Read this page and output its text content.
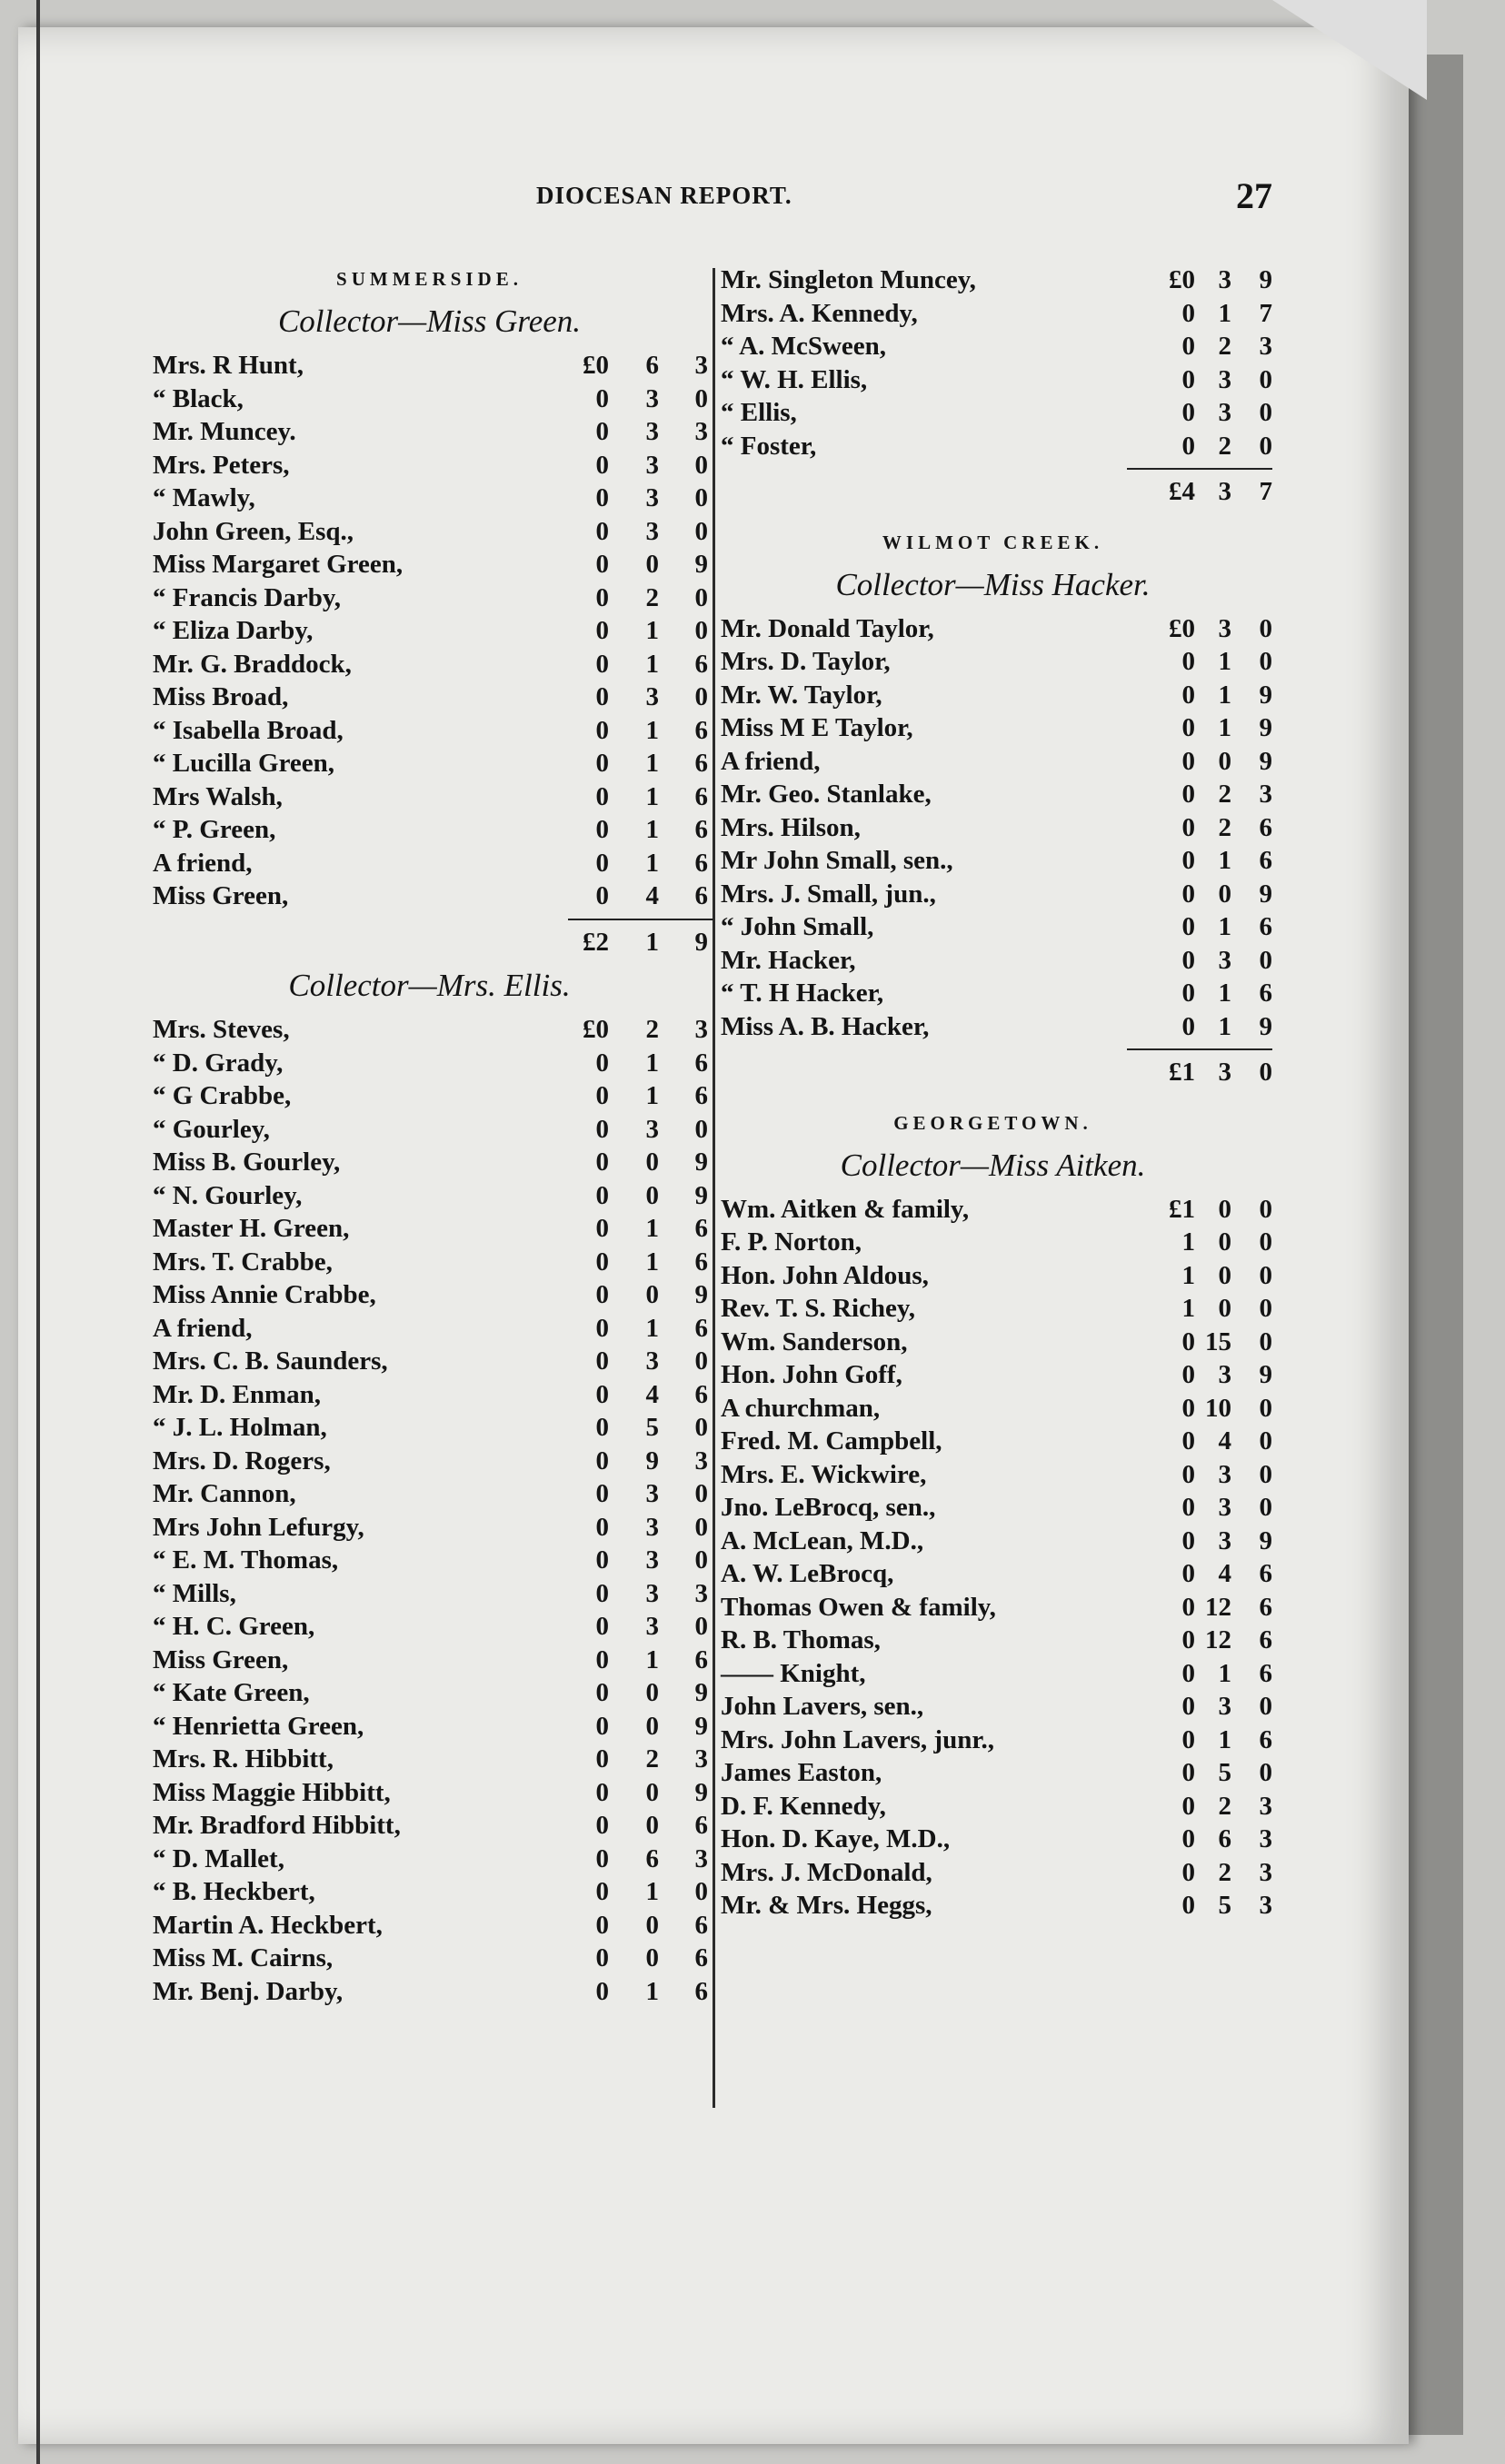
DIOCESAN REPORT.	27
SUMMERSIDE.
Collector—Miss Green.
Mrs. R Hunt,	£0 6 3
“ Black,	0 3 0
Mr. Muncey.	0 3 3
Mrs. Peters,	0 3 0
“ Mawly,	0 3 0
John Green, Esq.,	0 3 0
Miss Margaret Green,	0 0 9
“ Francis Darby,	0 2 0
“ Eliza Darby,	0 1 0
Mr. G. Braddock,	0 1 6
Miss Broad,	0 3 0
“ Isabella Broad,	0 1 6
“ Lucilla Green,	0 1 6
Mrs Walsh,	0 1 6
“ P. Green,	0 1 6
A friend,	0 1 6
Miss Green,	0 4 6
£2 1 9
Collector—Mrs. Ellis.
Mrs. Steves,	£0 2 3
“ D. Grady,	0 1 6
“ G Crabbe,	0 1 6
“ Gourley,	0 3 0
Miss B. Gourley,	0 0 9
“ N. Gourley,	0 0 9
Master H. Green,	0 1 6
Mrs. T. Crabbe,	0 1 6
Miss Annie Crabbe,	0 0 9
A friend,	0 1 6
Mrs. C. B. Saunders,	0 3 0
Mr. D. Enman,	0 4 6
“ J. L. Holman,	0 5 0
Mrs. D. Rogers,	0 9 3
Mr. Cannon,	0 3 0
Mrs John Lefurgy,	0 3 0
“ E. M. Thomas,	0 3 0
“ Mills,	0 3 3
“ H. C. Green,	0 3 0
Miss Green,	0 1 6
“ Kate Green,	0 0 9
“ Henrietta Green,	0 0 9
Mrs. R. Hibbitt,	0 2 3
Miss Maggie Hibbitt,	0 0 9
Mr. Bradford Hibbitt,	0 0 6
“ D. Mallet,	0 6 3
“ B. Heckbert,	0 1 0
Martin A. Heckbert,	0 0 6
Miss M. Cairns,	0 0 6
Mr. Benj. Darby,	0 1 6
Mr. Singleton Muncey,	£0 3 9
Mrs. A. Kennedy,	0 1 7
“ A. McSween,	0 2 3
“ W. H. Ellis,	0 3 0
“ Ellis,	0 3 0
“ Foster,	0 2 0
£4 3 7
WILMOT CREEK.
Collector—Miss Hacker.
Mr. Donald Taylor,	£0 3 0
Mrs. D. Taylor,	0 1 0
Mr. W. Taylor,	0 1 9
Miss M E Taylor,	0 1 9
A friend,	0 0 9
Mr. Geo. Stanlake,	0 2 3
Mrs. Hilson,	0 2 6
Mr John Small, sen.,	0 1 6
Mrs. J. Small, jun.,	0 0 9
“ John Small,	0 1 6
Mr. Hacker,	0 3 0
“ T. H Hacker,	0 1 6
Miss A. B. Hacker,	0 1 9
£1 3 0
GEORGETOWN.
Collector—Miss Aitken.
Wm. Aitken & family,	£1 0 0
F. P. Norton,	1 0 0
Hon. John Aldous,	1 0 0
Rev. T. S. Richey,	1 0 0
Wm. Sanderson,	0 15 0
Hon. John Goff,	0 3 9
A churchman,	0 10 0
Fred. M. Campbell,	0 4 0
Mrs. E. Wickwire,	0 3 0
Jno. LeBrocq, sen.,	0 3 0
A. McLean, M.D.,	0 3 9
A. W. LeBrocq,	0 4 6
Thomas Owen & family,	0 12 6
R. B. Thomas,	0 12 6
—— Knight,	0 1 6
John Lavers, sen.,	0 3 0
Mrs. John Lavers, junr.,	0 1 6
James Easton,	0 5 0
D. F. Kennedy,	0 2 3
Hon. D. Kaye, M.D.,	0 6 3
Mrs. J. McDonald,	0 2 3
Mr. & Mrs. Heggs,	0 5 3
